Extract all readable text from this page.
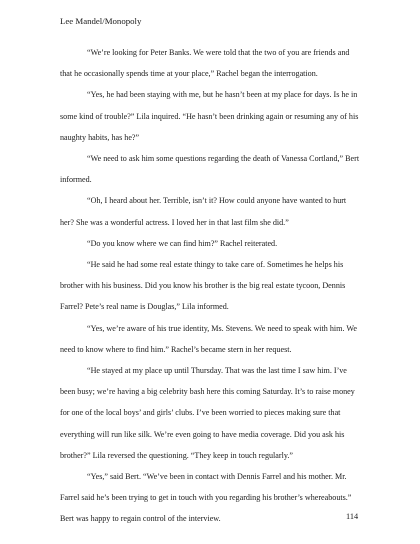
Lee Mandel/Monopoly

“We’re looking for Peter Banks. We were told that the two of you are friends and that he occasionally spends time at your place,” Rachel began the interrogation.

“Yes, he had been staying with me, but he hasn’t been at my place for days. Is he in some kind of trouble?” Lila inquired. “He hasn’t been drinking again or resuming any of his naughty habits, has he?”

“We need to ask him some questions regarding the death of Vanessa Cortland,” Bert informed.

“Oh, I heard about her. Terrible, isn’t it? How could anyone have wanted to hurt her? She was a wonderful actress. I loved her in that last film she did.”

“Do you know where we can find him?” Rachel reiterated.

“He said he had some real estate thingy to take care of. Sometimes he helps his brother with his business. Did you know his brother is the big real estate tycoon, Dennis Farrel? Pete’s real name is Douglas,” Lila informed.

“Yes, we’re aware of his true identity, Ms. Stevens. We need to speak with him. We need to know where to find him.” Rachel’s became stern in her request.

“He stayed at my place up until Thursday. That was the last time I saw him. I’ve been busy; we’re having a big celebrity bash here this coming Saturday. It’s to raise money for one of the local boys’ and girls’ clubs. I’ve been worried to pieces making sure that everything will run like silk. We’re even going to have media coverage. Did you ask his brother?” Lila reversed the questioning. “They keep in touch regularly.”

“Yes,” said Bert. “We’ve been in contact with Dennis Farrel and his mother. Mr. Farrel said he’s been trying to get in touch with you regarding his brother’s whereabouts.” Bert was happy to regain control of the interview.	114
